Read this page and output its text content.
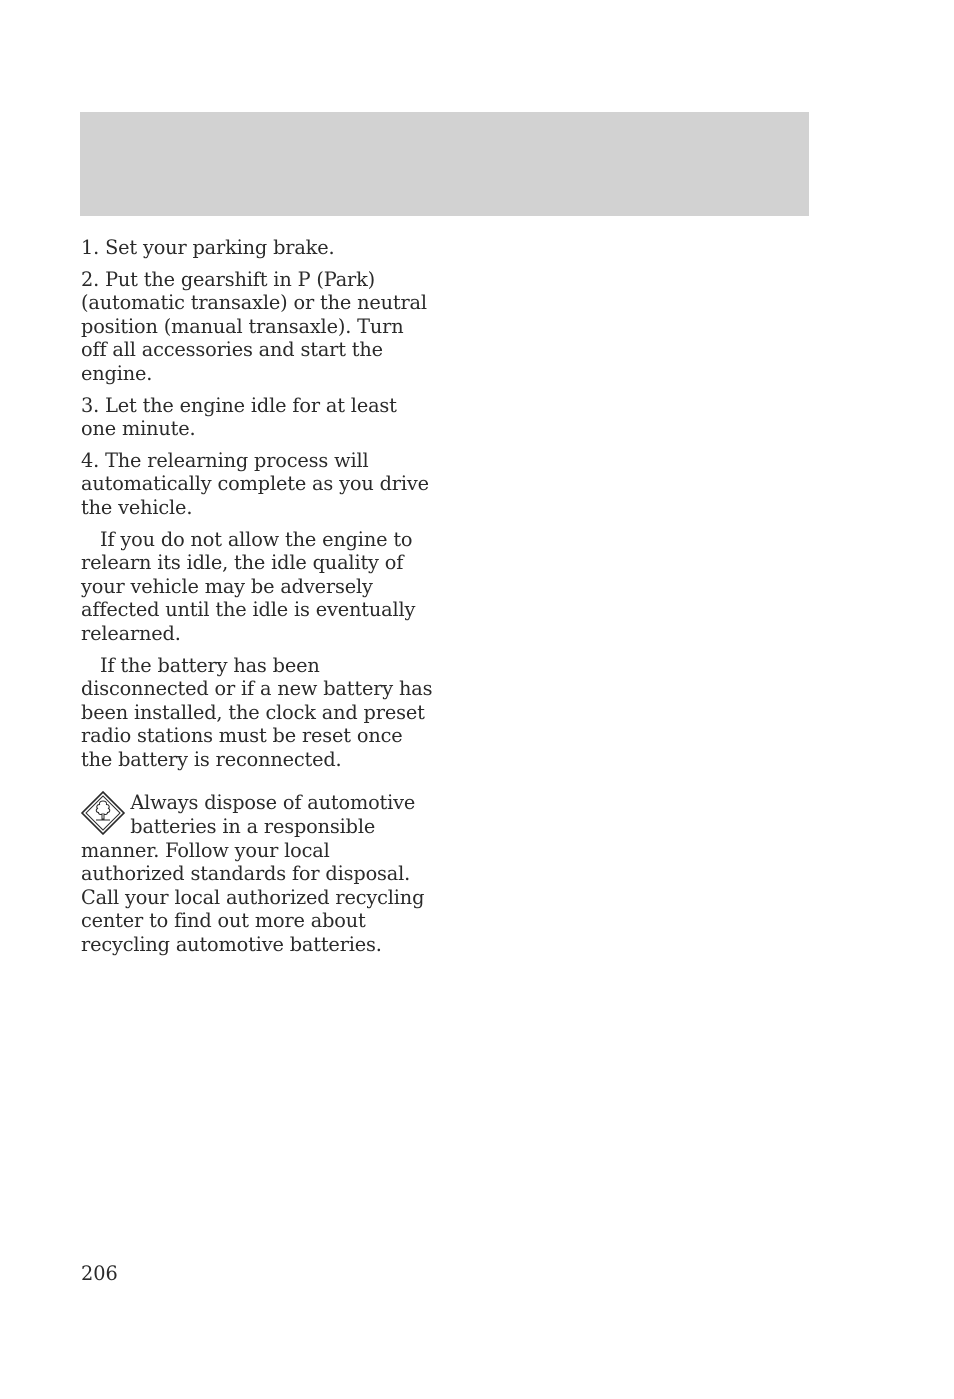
1. Set your parking brake.

2. Put the gearshift in P (Park) (automatic transaxle) or the neutral position (manual transaxle). Turn off all accessories and start the engine.

3. Let the engine idle for at least one minute.

4. The relearning process will automatically complete as you drive the vehicle.

If you do not allow the engine to relearn its idle, the idle quality of your vehicle may be adversely affected until the idle is eventually relearned.

If the battery has been disconnected or if a new battery has been installed, the clock and preset radio stations must be reset once the battery is reconnected.

Always dispose of automotive batteries in a responsible manner. Follow your local authorized standards for disposal. Call your local authorized recycling center to find out more about recycling automotive batteries.
206
